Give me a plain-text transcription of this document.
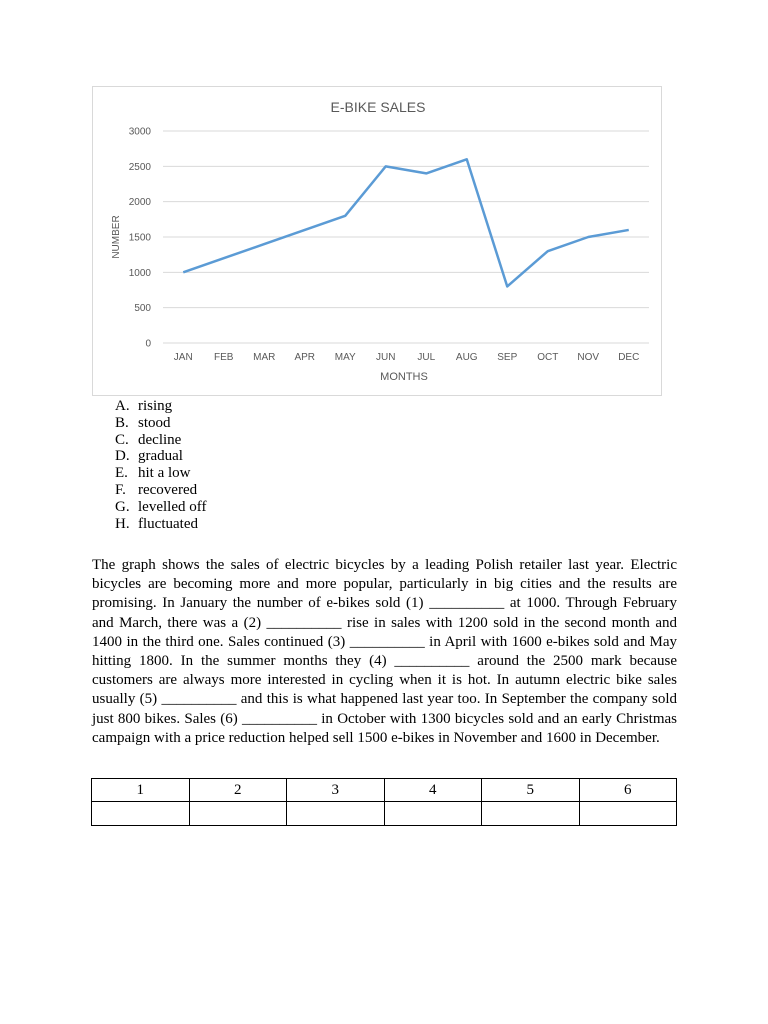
E-BIKE SALES
0
500
1000
1500
2000
2500
3000
JAN FEB MAR APR MAY JUN JUL AUG SEP OCT NOV DEC
MONTHS
NUMBER
A. rising
B. stood
C. decline
D. gradual
E. hit a low
F. recovered
G. levelled off
H. fluctuated

The graph shows the sales of electric bicycles by a leading Polish retailer last year. Electric bicycles are becoming more and more popular, particularly in big cities and the results are promising. In January the number of e-bikes sold (1) __________ at 1000. Through February and March, there was a (2) __________ rise in sales with 1200 sold in the second month and 1400 in the third one. Sales continued (3) __________ in April with 1600 e-bikes sold and May hitting 1800. In the summer months they (4) __________ around the 2500 mark because customers are always more interested in cycling when it is hot. In autumn electric bike sales usually (5) __________ and this is what happened last year too. In September the company sold just 800 bikes. Sales (6) __________ in October with 1300 bicycles sold and an early Christmas campaign with a price reduction helped sell 1500 e-bikes in November and 1600 in December.

1	2	3	4	5	6
